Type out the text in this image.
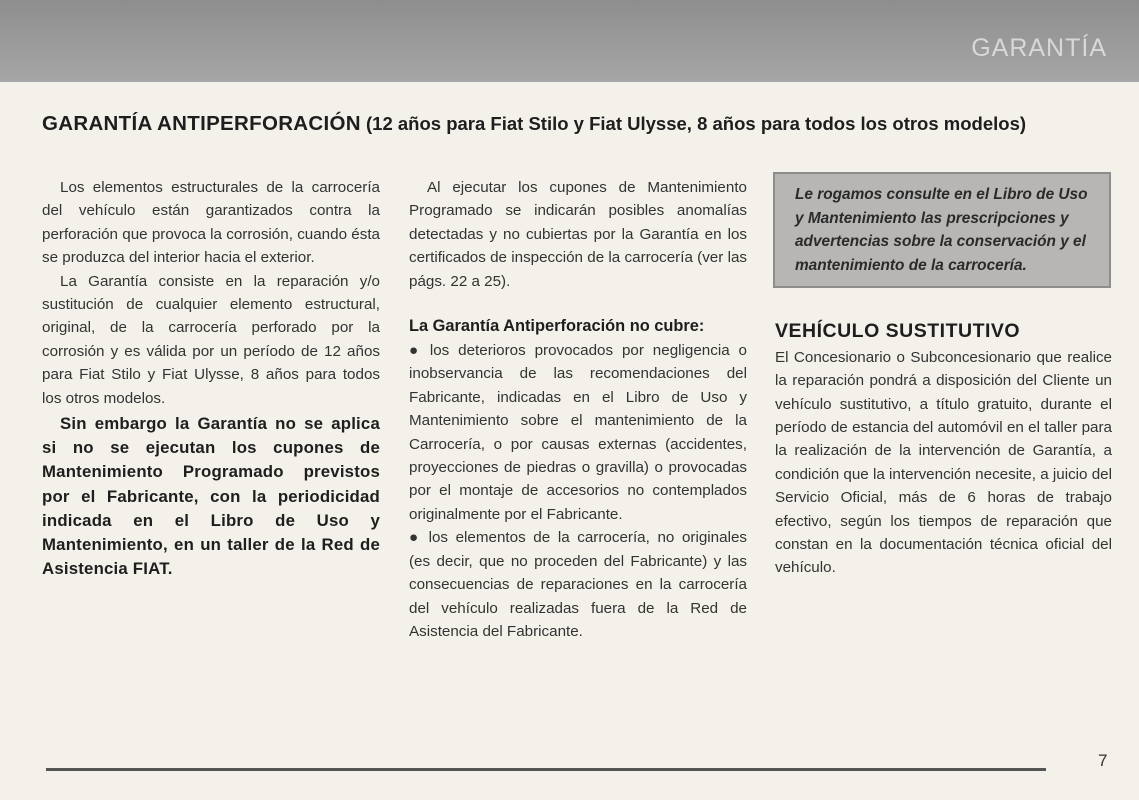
GARANTÍA
GARANTÍA ANTIPERFORACIÓN (12 años para Fiat Stilo y Fiat Ulysse, 8 años para todos los otros modelos)

Los elementos estructurales de la carrocería del vehículo están garantizados contra la perforación que provoca la corrosión, cuando ésta se produzca del interior hacia el exterior.

La Garantía consiste en la reparación y/o sustitución de cualquier elemento estructural, original, de la carrocería perforado por la corrosión y es válida por un período de 12 años para Fiat Stilo y Fiat Ulysse, 8 años para todos los otros modelos.

Sin embargo la Garantía no se aplica si no se ejecutan los cupones de Mantenimiento Programado previstos por el Fabricante, con la periodicidad indicada en el Libro de Uso y Mantenimiento, en un taller de la Red de Asistencia FIAT.

Al ejecutar los cupones de Mantenimiento Programado se indicarán posibles anomalías detectadas y no cubiertas por la Garantía en los certificados de inspección de la carrocería (ver las págs. 22 a 25).

La Garantía Antiperforación no cubre:

● los deterioros provocados por negligencia o inobservancia de las recomendaciones del Fabricante, indicadas en el Libro de Uso y Mantenimiento sobre el mantenimiento de la Carrocería, o por causas externas (accidentes, proyecciones de piedras o gravilla) o provocadas por el montaje de accesorios no contemplados originalmente por el Fabricante.

● los elementos de la carrocería, no originales (es decir, que no proceden del Fabricante) y las consecuencias de reparaciones en la carrocería del vehículo realizadas fuera de la Red de Asistencia del Fabricante.

Le rogamos consulte en el Libro de Uso y Mantenimiento las prescripciones y advertencias sobre la conservación y el mantenimiento de la carrocería.
VEHÍCULO SUSTITUTIVO

El Concesionario o Subconcesionario que realice la reparación pondrá a disposición del Cliente un vehículo sustitutivo, a título gratuito, durante el período de estancia del automóvil en el taller para la realización de la intervención de Garantía, a condición que la intervención necesite, a juicio del Servicio Oficial, más de 6 horas de trabajo efectivo, según los tiempos de reparación que constan en la documentación técnica oficial del vehículo.

7
